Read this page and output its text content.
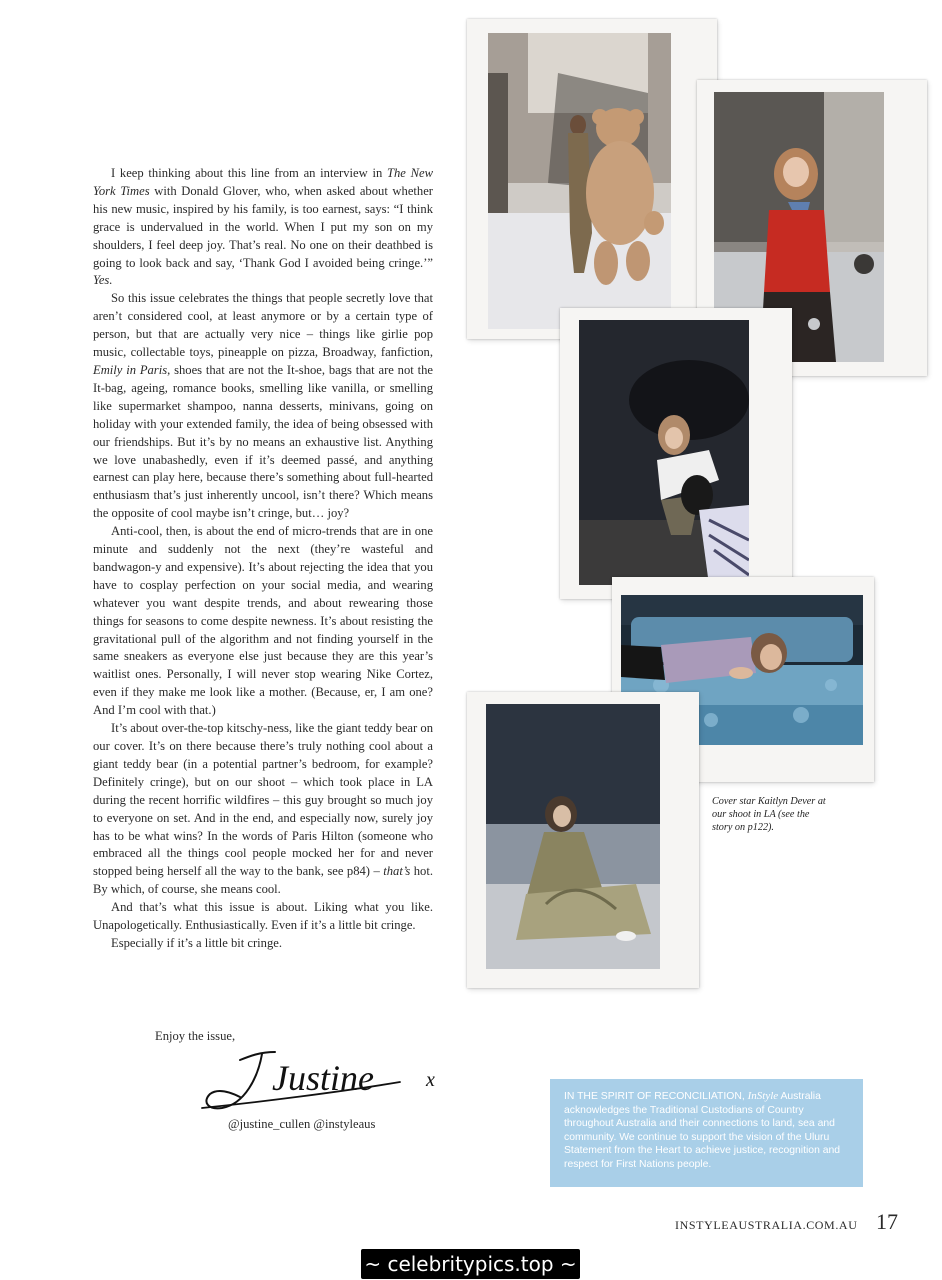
I keep thinking about this line from an interview in The New York Times with Donald Glover, who, when asked about whether his new music, inspired by his family, is too earnest, says: “I think grace is undervalued in the world. When I put my son on my shoulders, I feel deep joy. That’s real. No one on their deathbed is going to look back and say, ‘Thank God I avoided being cringe.’” Yes.

So this issue celebrates the things that people secretly love that aren’t considered cool, at least anymore or by a certain type of person, but that are actually very nice – things like girlie pop music, collectable toys, pineapple on pizza, Broadway, fanfiction, Emily in Paris, shoes that are not the It-shoe, bags that are not the It-bag, ageing, romance books, smelling like vanilla, or smelling like supermarket shampoo, nanna desserts, minivans, going on holiday with your extended family, the idea of being obsessed with our friendships. But it’s by no means an exhaustive list. Anything we love unabashedly, even if it’s deemed passé, and anything earnest can play here, because there’s something about full-hearted enthusiasm that’s just inherently uncool, isn’t there? Which means the opposite of cool maybe isn’t cringe, but… joy?

Anti-cool, then, is about the end of micro-trends that are in one minute and suddenly not the next (they’re wasteful and bandwagon-y and expensive). It’s about rejecting the idea that you have to cosplay perfection on your social media, and wearing whatever you want despite trends, and about rewearing those things for seasons to come despite newness. It’s about resisting the gravitational pull of the algorithm and not finding yourself in the same sneakers as everyone else just because they are this year’s waitlist ones. Personally, I will never stop wearing Nike Cortez, even if they make me look like a mother. (Because, er, I am one? And I’m cool with that.)

It’s about over-the-top kitschy-ness, like the giant teddy bear on our cover. It’s on there because there’s truly nothing cool about a giant teddy bear (in a potential partner’s bedroom, for example? Definitely cringe), but on our shoot – which took place in LA during the recent horrific wildfires – this guy brought so much joy to everyone on set. And in the end, and especially now, surely joy has to be what wins? In the words of Paris Hilton (someone who embraced all the things cool people mocked her for and never stopped being herself all the way to the bank, see p84) – that’s hot. By which, of course, she means cool.

And that’s what this issue is about. Liking what you like. Unapologetically. Enthusiastically. Even if it’s a little bit cringe.

Especially if it’s a little bit cringe.

Cover star Kaitlyn Dever at our shoot in LA (see the story on p122).
Enjoy the issue,
Justine	x
@justine_cullen @instyleaus
IN THE SPIRIT OF RECONCILIATION, InStyle Australia acknowledges the Traditional Custodians of Country throughout Australia and their connections to land, sea and community. We continue to support the vision of the Uluru Statement from the Heart to achieve justice, recognition and respect for First Nations people.
INSTYLEAUSTRALIA.COM.AU 17
~ celebritypics.top ~
